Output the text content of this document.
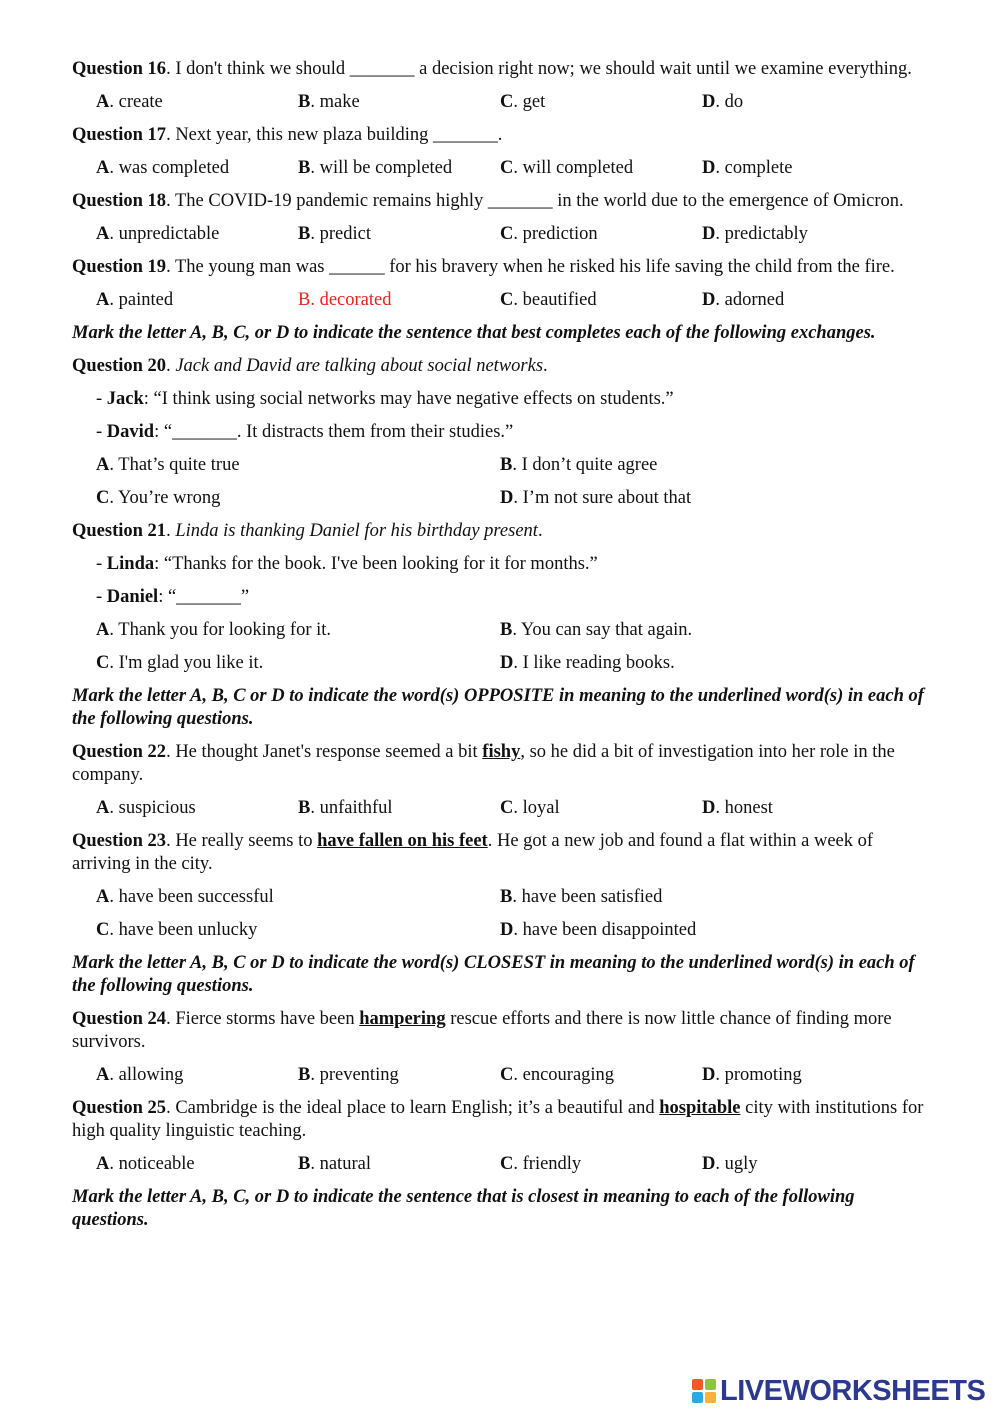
Question 16. I don't think we should _______ a decision right now; we should wait until we examine everything.
A. create	B. make	C. get	D. do
Question 17. Next year, this new plaza building _______.
A. was completed	B. will be completed	C. will completed	D. complete
Question 18. The COVID-19 pandemic remains highly _______ in the world due to the emergence of Omicron.
A. unpredictable	B. predict	C. prediction	D. predictably
Question 19. The young man was ______ for his bravery when he risked his life saving the child from the fire.
A. painted	B. decorated	C. beautified	D. adorned
Mark the letter A, B, C, or D to indicate the sentence that best completes each of the following exchanges.
Question 20. Jack and David are talking about social networks.
- Jack: “I think using social networks may have negative effects on students.”
- David: “_______. It distracts them from their studies.”
A. That’s quite true	B. I don’t quite agree
C. You’re wrong	D. I’m not sure about that
Question 21. Linda is thanking Daniel for his birthday present.
- Linda: “Thanks for the book. I've been looking for it for months.”
- Daniel: “_______”
A. Thank you for looking for it.	B. You can say that again.
C. I'm glad you like it.	D. I like reading books.
Mark the letter A, B, C or D to indicate the word(s) OPPOSITE in meaning to the underlined word(s) in each of the following questions.
Question 22. He thought Janet's response seemed a bit fishy, so he did a bit of investigation into her role in the company.
A. suspicious	B. unfaithful	C. loyal	D. honest
Question 23. He really seems to have fallen on his feet. He got a new job and found a flat within a week of arriving in the city.
A. have been successful	B. have been satisfied
C. have been unlucky	D. have been disappointed
Mark the letter A, B, C or D to indicate the word(s) CLOSEST in meaning to the underlined word(s) in each of the following questions.
Question 24. Fierce storms have been hampering rescue efforts and there is now little chance of finding more survivors.
A. allowing	B. preventing	C. encouraging	D. promoting
Question 25. Cambridge is the ideal place to learn English; it’s a beautiful and hospitable city with institutions for high quality linguistic teaching.
A. noticeable	B. natural	C. friendly	D. ugly
Mark the letter A, B, C, or D to indicate the sentence that is closest in meaning to each of the following questions.
LIVEWORKSHEETS
